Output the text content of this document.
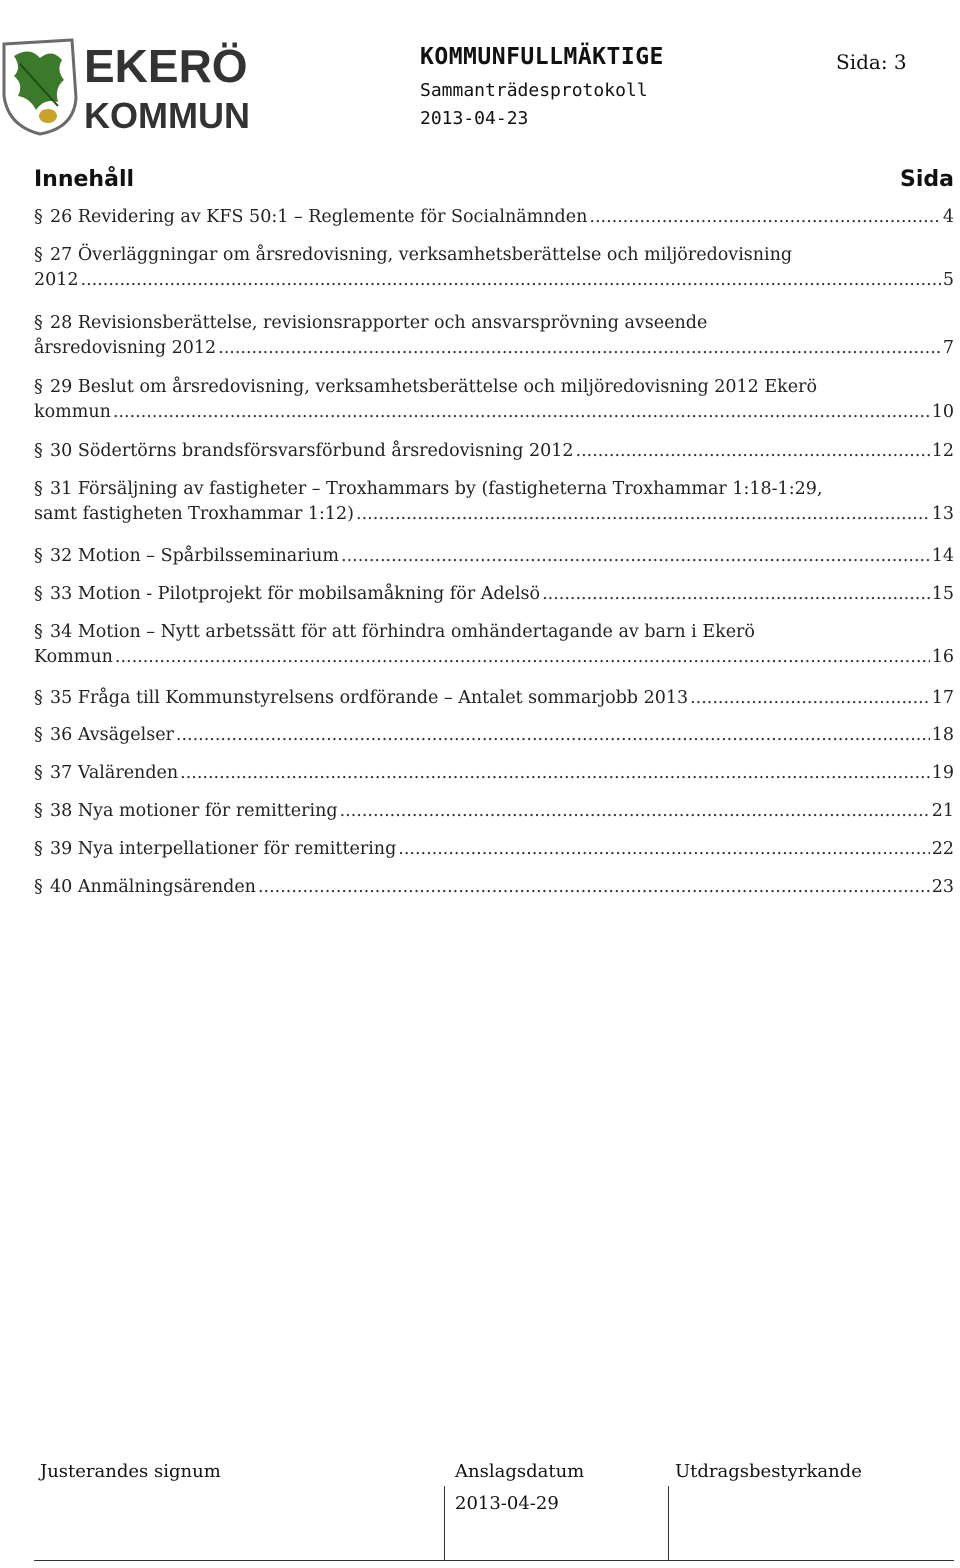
EKERÖ
KOMMUN
KOMMUNFULLMÄKTIGE	Sida: 3
Sammanträdesprotokoll
2013-04-23
Innehåll	Sida
§ 26 Revidering av KFS 50:1 – Reglemente för Socialnämnden .....	4
§ 27 Överläggningar om årsredovisning, verksamhetsberättelse och miljöredovisning
2012 .....	5
§ 28 Revisionsberättelse, revisionsrapporter och ansvarsprövning avseende
årsredovisning 2012 .....	7
§ 29 Beslut om årsredovisning, verksamhetsberättelse och miljöredovisning 2012 Ekerö
kommun .....	10
§ 30 Södertörns brandsförsvarsförbund årsredovisning 2012 .....	12
§ 31 Försäljning av fastigheter – Troxhammars by (fastigheterna Troxhammar 1:18-1:29,
samt fastigheten Troxhammar 1:12) .....	13
§ 32 Motion – Spårbilsseminarium .....	14
§ 33 Motion - Pilotprojekt för mobilsamåkning för Adelsö .....	15
§ 34 Motion – Nytt arbetssätt för att förhindra omhändertagande av barn i Ekerö
Kommun .....	16
§ 35 Fråga till Kommunstyrelsens ordförande – Antalet sommarjobb 2013 .....	17
§ 36 Avsägelser .....	18
§ 37 Valärenden .....	19
§ 38 Nya motioner för remittering .....	21
§ 39 Nya interpellationer för remittering .....	22
§ 40 Anmälningsärenden .....	23
Justerandes signum	Anslagsdatum	Utdragsbestyrkande
2013-04-29
